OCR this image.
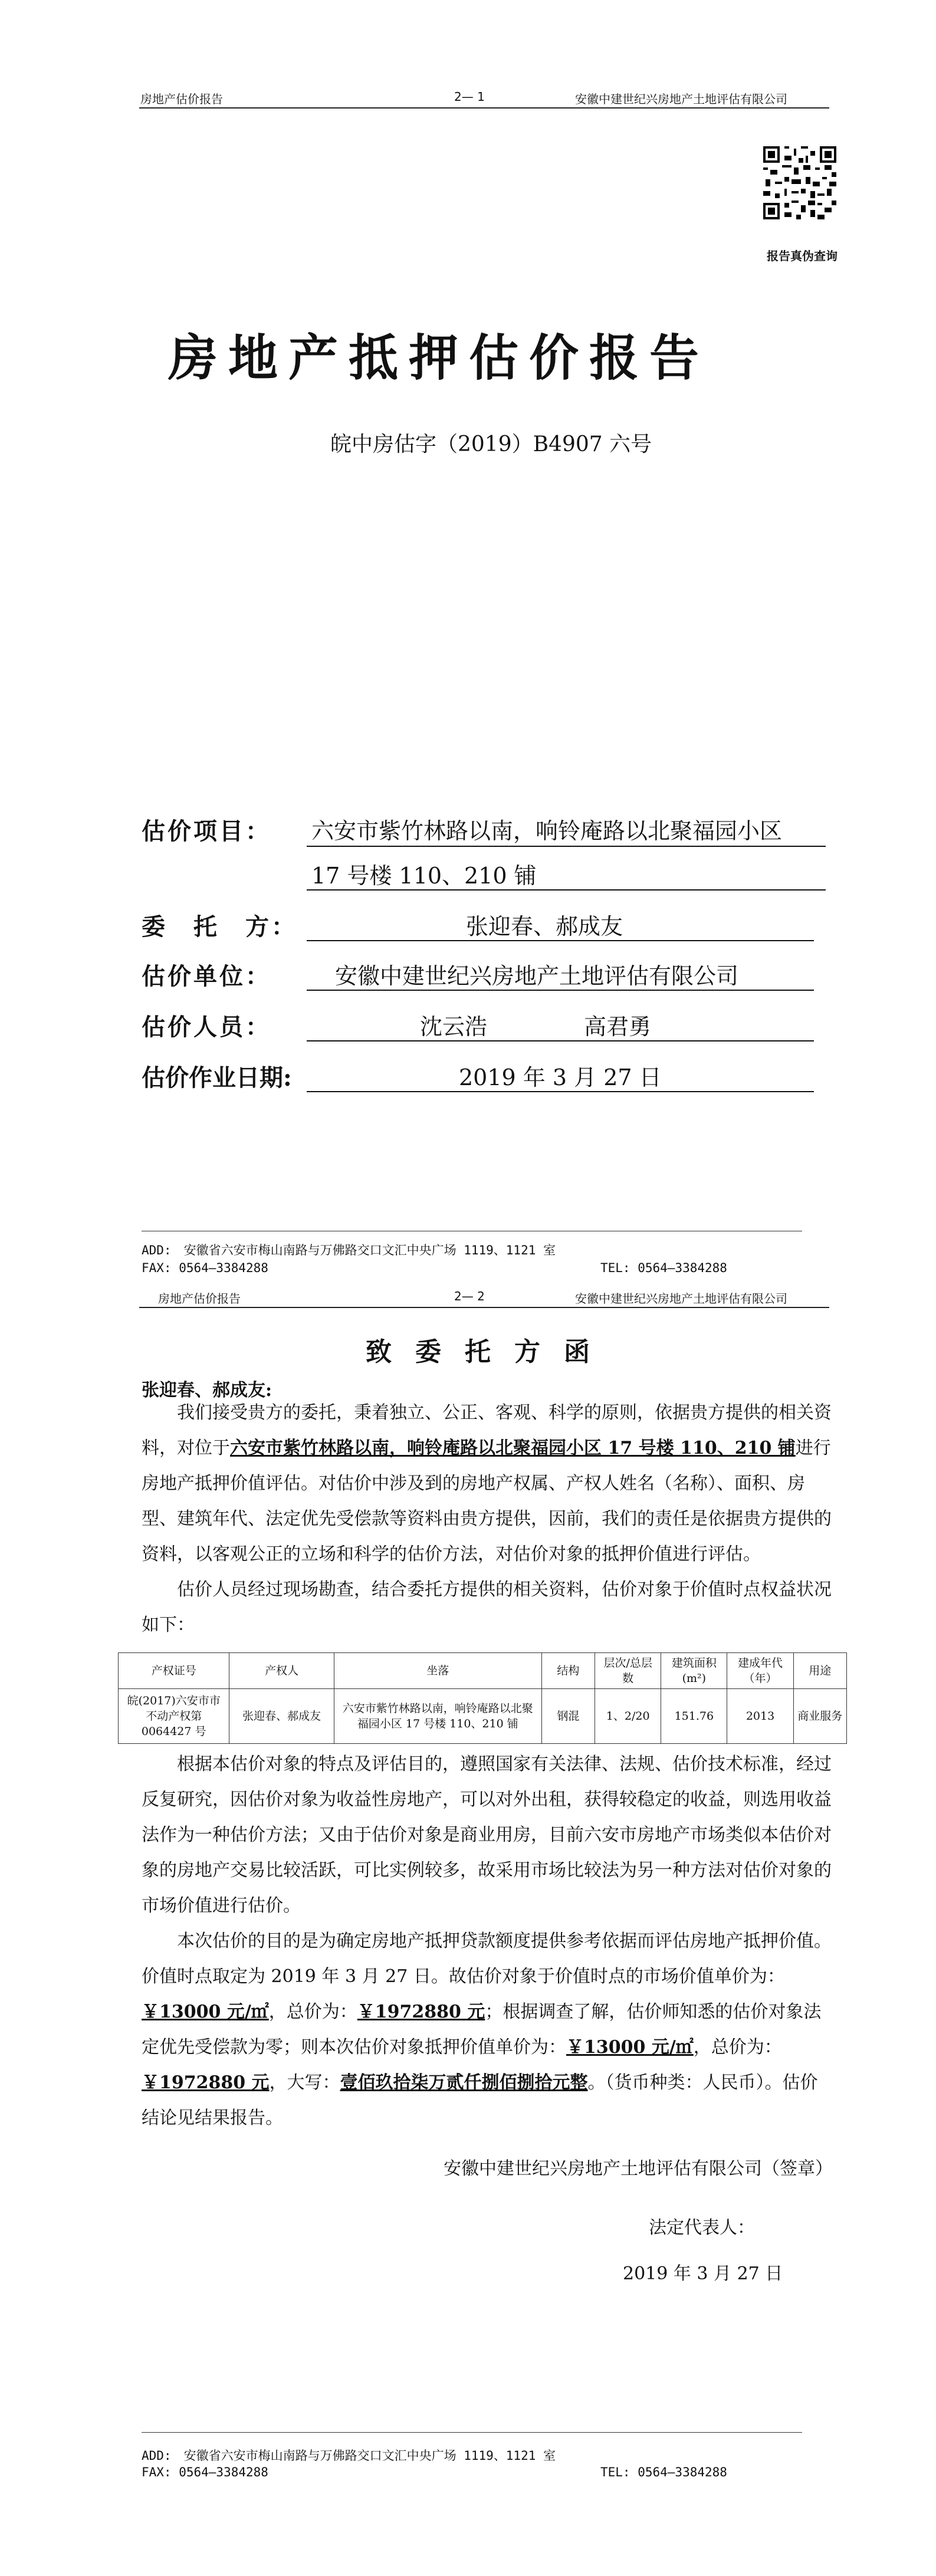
房地产估价报告	2— 1	安徽中建世纪兴房地产土地评估有限公司
报告真伪查询
房地产抵押估价报告
皖中房估字（2019）B4907 六号
估价项目： 六安市紫竹林路以南，响铃庵路以北聚福园小区
17 号楼 110、210 铺
委　托　方：	张迎春、郝成友
估价单位：	安徽中建世纪兴房地产土地评估有限公司
估价人员：	沈云浩	高君勇
估价作业日期:	2019 年 3 月 27 日
ADD:　安徽省六安市梅山南路与万佛路交口文汇中央广场 1119、1121 室
FAX: 0564—3384288	TEL: 0564—3384288
房地产估价报告	2— 2	安徽中建世纪兴房地产土地评估有限公司
致委托方函
张迎春、郝成友:

我们接受贵方的委托，秉着独立、公正、客观、科学的原则，依据贵方提供的相关资料，对位于六安市紫竹林路以南，响铃庵路以北聚福园小区 17 号楼 110、210 铺进行房地产抵押价值评估。对估价中涉及到的房地产权属、产权人姓名（名称）、面积、房型、建筑年代、法定优先受偿款等资料由贵方提供，因前，我们的责任是依据贵方提供的资料，以客观公正的立场和科学的估价方法，对估价对象的抵押价值进行评估。

估价人员经过现场勘查，结合委托方提供的相关资料，估价对象于价值时点权益状况如下：

产权证号	产权人	坐落	结构	层次/总层数	建筑面积(m²)	建成年代（年）	用途
皖(2017)六安市市不动产权第 0064427 号	张迎春、郝成友	六安市紫竹林路以南，响铃庵路以北聚福园小区 17 号楼 110、210 铺	钢混	1、2/20	151.76	2013	商业服务

根据本估价对象的特点及评估目的，遵照国家有关法律、法规、估价技术标准，经过反复研究，因估价对象为收益性房地产，可以对外出租，获得较稳定的收益，则选用收益法作为一种估价方法；又由于估价对象是商业用房，目前六安市房地产市场类似本估价对象的房地产交易比较活跃，可比实例较多，故采用市场比较法为另一种方法对估价对象的市场价值进行估价。

本次估价的目的是为确定房地产抵押贷款额度提供参考依据而评估房地产抵押价值。价值时点取定为 2019 年 3 月 27 日。故估价对象于价值时点的市场价值单价为：￥13000 元/㎡，总价为：￥1972880 元；根据调查了解，估价师知悉的估价对象法定优先受偿款为零；则本次估价对象抵押价值单价为：￥13000 元/㎡，总价为：￥1972880 元，大写：壹佰玖拾柒万贰仟捌佰捌拾元整。（货币种类：人民币）。估价结论见结果报告。

安徽中建世纪兴房地产土地评估有限公司（签章）
法定代表人：
2019 年 3 月 27 日
ADD:　安徽省六安市梅山南路与万佛路交口文汇中央广场 1119、1121 室
FAX: 0564—3384288	TEL: 0564—3384288
